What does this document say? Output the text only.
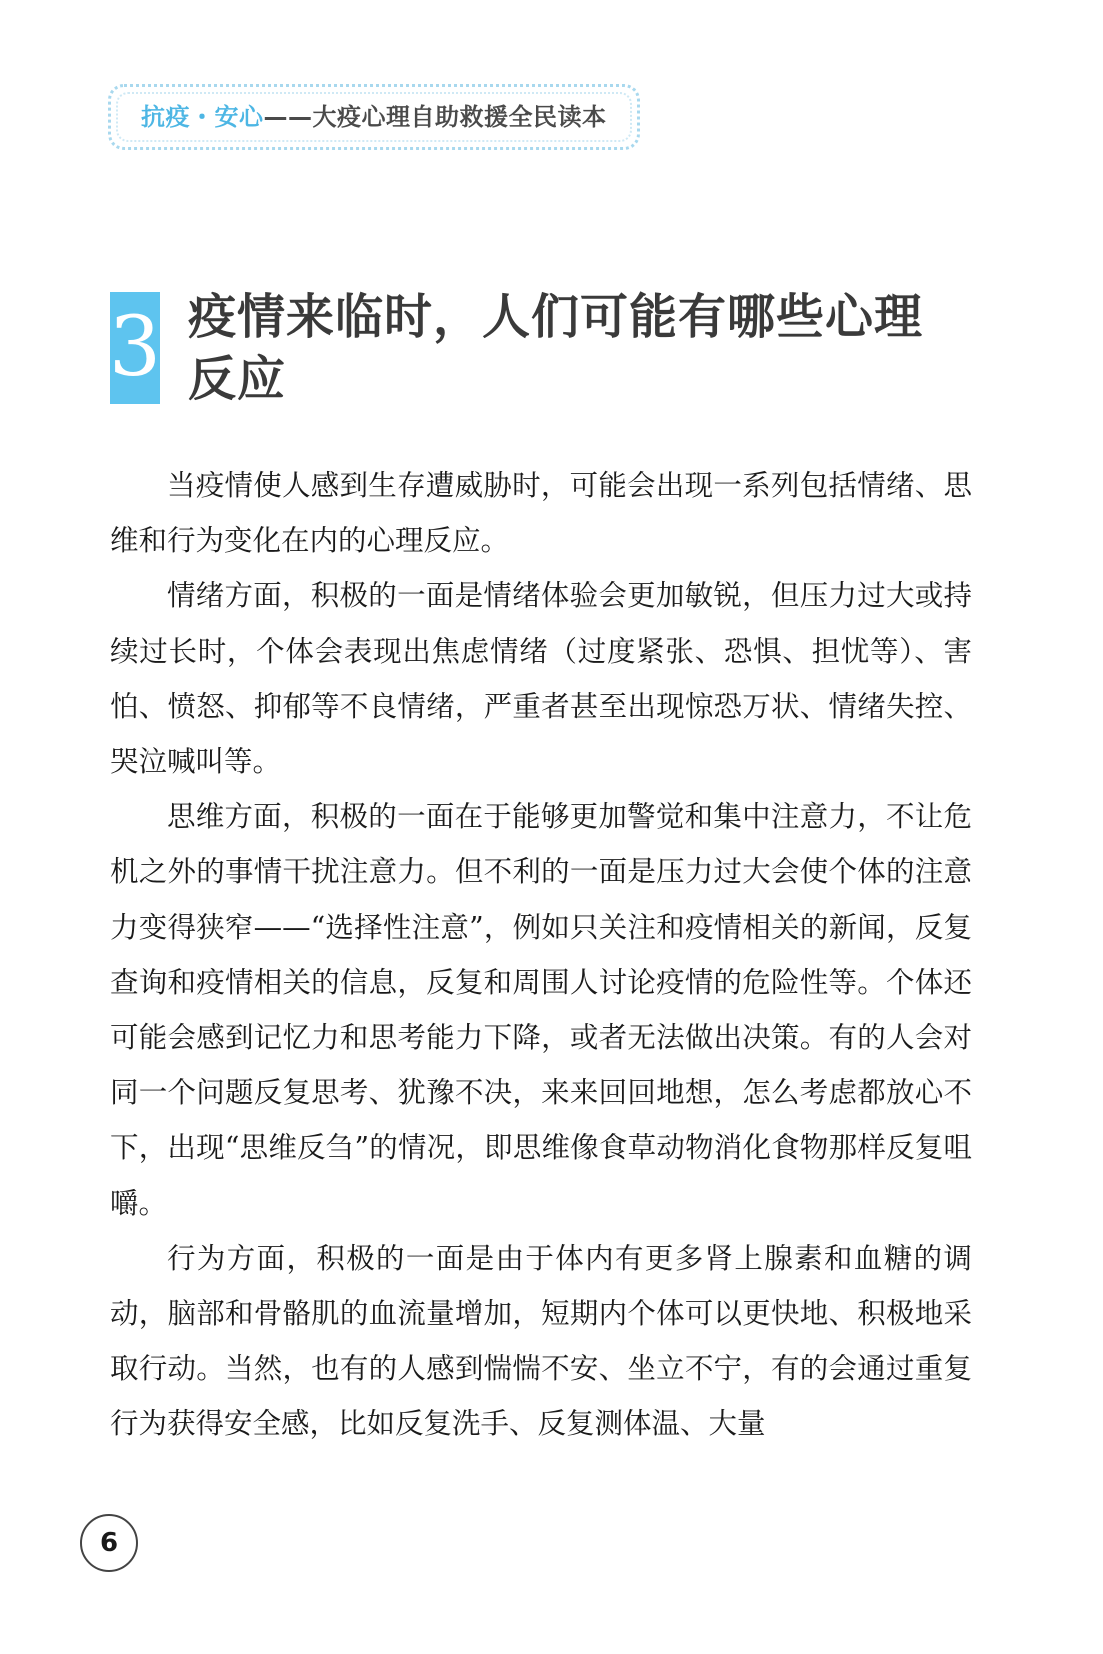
抗疫・安心——大疫心理自助救援全民读本
3 疫情来临时，人们可能有哪些心理反应

当疫情使人感到生存遭威胁时，可能会出现一系列包括情绪、思维和行为变化在内的心理反应。

情绪方面，积极的一面是情绪体验会更加敏锐，但压力过大或持续过长时，个体会表现出焦虑情绪（过度紧张、恐惧、担忧等）、害怕、愤怒、抑郁等不良情绪，严重者甚至出现惊恐万状、情绪失控、哭泣喊叫等。

思维方面，积极的一面在于能够更加警觉和集中注意力，不让危机之外的事情干扰注意力。但不利的一面是压力过大会使个体的注意力变得狭窄——“选择性注意”，例如只关注和疫情相关的新闻，反复查询和疫情相关的信息，反复和周围人讨论疫情的危险性等。个体还可能会感到记忆力和思考能力下降，或者无法做出决策。有的人会对同一个问题反复思考、犹豫不决，来来回回地想，怎么考虑都放心不下，出现“思维反刍”的情况，即思维像食草动物消化食物那样反复咀嚼。

行为方面，积极的一面是由于体内有更多肾上腺素和血糖的调动，脑部和骨骼肌的血流量增加，短期内个体可以更快地、积极地采取行动。当然，也有的人感到惴惴不安、坐立不宁，有的会通过重复行为获得安全感，比如反复洗手、反复测体温、大量

6
